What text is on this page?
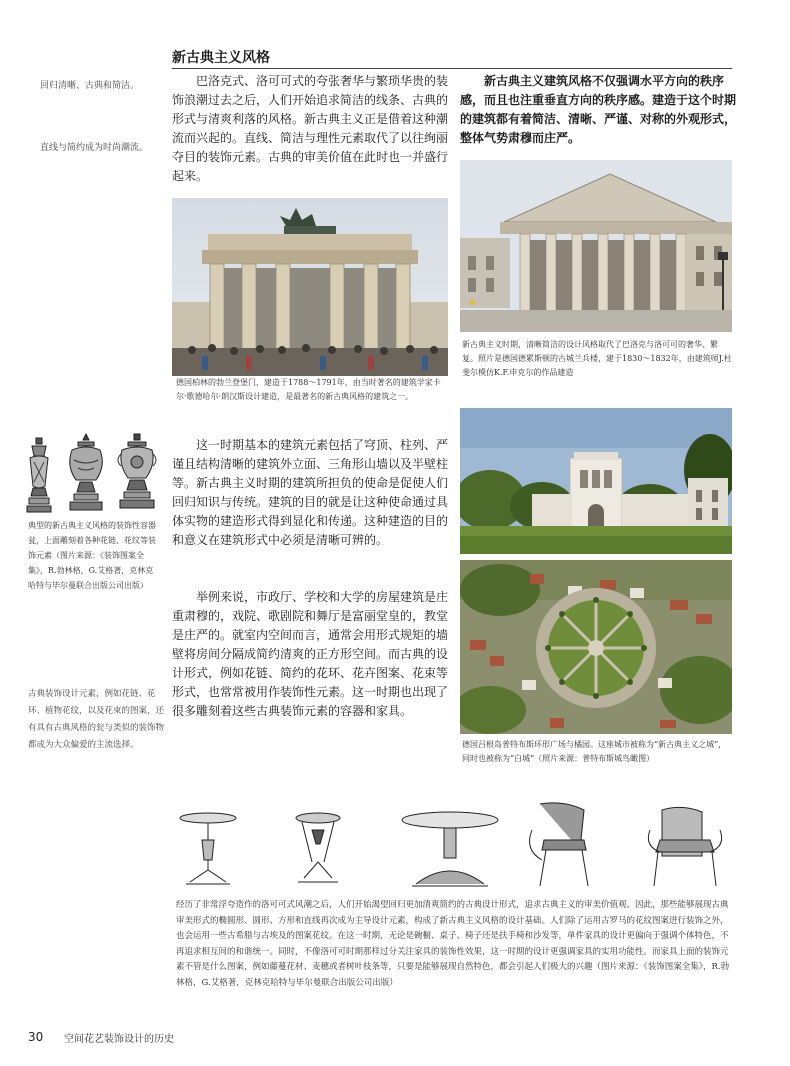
新古典主义风格
回归清晰、古典和简洁。
直线与简约成为时尚潮流。
典型的新古典主义风格的装饰性容器瓮，上面雕刻着各种花链、花纹等装饰元素（图片来源：《装饰图案全集》，R.勃林格，G.艾格著，克林克哈特与毕尔曼联合出版公司出版）
古典装饰设计元素，例如花链、花环、植物花纹，以及花束的图案，还有具有古典风格的瓮与类似的装饰物都成为大众偏爱的主流选择。

巴洛克式、洛可可式的夸张奢华与繁琐华贵的装饰浪潮过去之后，人们开始追求简洁的线条、古典的形式与清爽利落的风格。新古典主义正是借着这种潮流而兴起的。直线、简洁与理性元素取代了以往绚丽夺目的装饰元素。古典的审美价值在此时也一并盛行起来。

德国柏林的勃兰登堡门，建造于1788～1791年，由当时著名的建筑学家卡尔·歌德哈尔·朗汉斯设计建造，是最著名的新古典风格的建筑之一。

这一时期基本的建筑元素包括了穹顶、柱列、严谨且结构清晰的建筑外立面、三角形山墙以及半壁柱等。新古典主义时期的建筑所担负的使命是促使人们回归知识与传统。建筑的目的就是让这种使命通过具体实物的建造形式得到显化和传递。这种建造的目的和意义在建筑形式中必须是清晰可辨的。

举例来说，市政厅、学校和大学的房屋建筑是庄重肃穆的，戏院、歌剧院和舞厅是富丽堂皇的，教堂是庄严的。就室内空间而言，通常会用形式规矩的墙壁将房间分隔成简约清爽的正方形空间。而古典的设计形式，例如花链、简约的花环、花卉图案、花束等形式，也常常被用作装饰性元素。这一时期也出现了很多雕刻着这些古典装饰元素的容器和家具。

新古典主义建筑风格不仅强调水平方向的秩序感，而且也注重垂直方向的秩序感。建造于这个时期的建筑都有着简洁、清晰、严谨、对称的外观形式，整体气势肃穆而庄严。

新古典主义时期，清晰简洁的设计风格取代了巴洛克与洛可可的奢华、繁复。照片是德国德累斯顿的古城兰兵楼，建于1830～1832年，由建筑师J.杜斐尔模仿K.F.申克尔的作品建造
德国吕根岛普特布斯环形广场与橘园。这座城市被称为“新古典主义之城”，同时也被称为“白城”（照片来源：普特布斯城鸟瞰图）
经历了非常浮夸造作的洛可可式风潮之后，人们开始渴望回归更加清爽简约的古典设计形式，追求古典主义的审美价值观。因此，那些能够展现古典审美形式的椭圆形、圆形、方形和直线再次成为主导设计元素，构成了新古典主义风格的设计基础。人们除了运用古罗马的花纹图案进行装饰之外，也会运用一些古希腊与古埃及的图案花纹。在这一时期，无论是碗橱、桌子、椅子还是扶手椅和沙发等，单件家具的设计更偏向于强调个体特色，不再追求相互间的和谐统一。同时，不像洛可可时期那样过分关注家具的装饰性效果，这一时期的设计更强调家具的实用功能性。而家具上面的装饰元素不管是什么图案，例如藤蔓花材、麦穗或者树叶枝条等，只要是能够展现自然特色，都会引起人们极大的兴趣（图片来源：《装饰图案全集》，R.勃林格，G.艾格著，克林克哈特与毕尔曼联合出版公司出版）
30 空间花艺装饰设计的历史
